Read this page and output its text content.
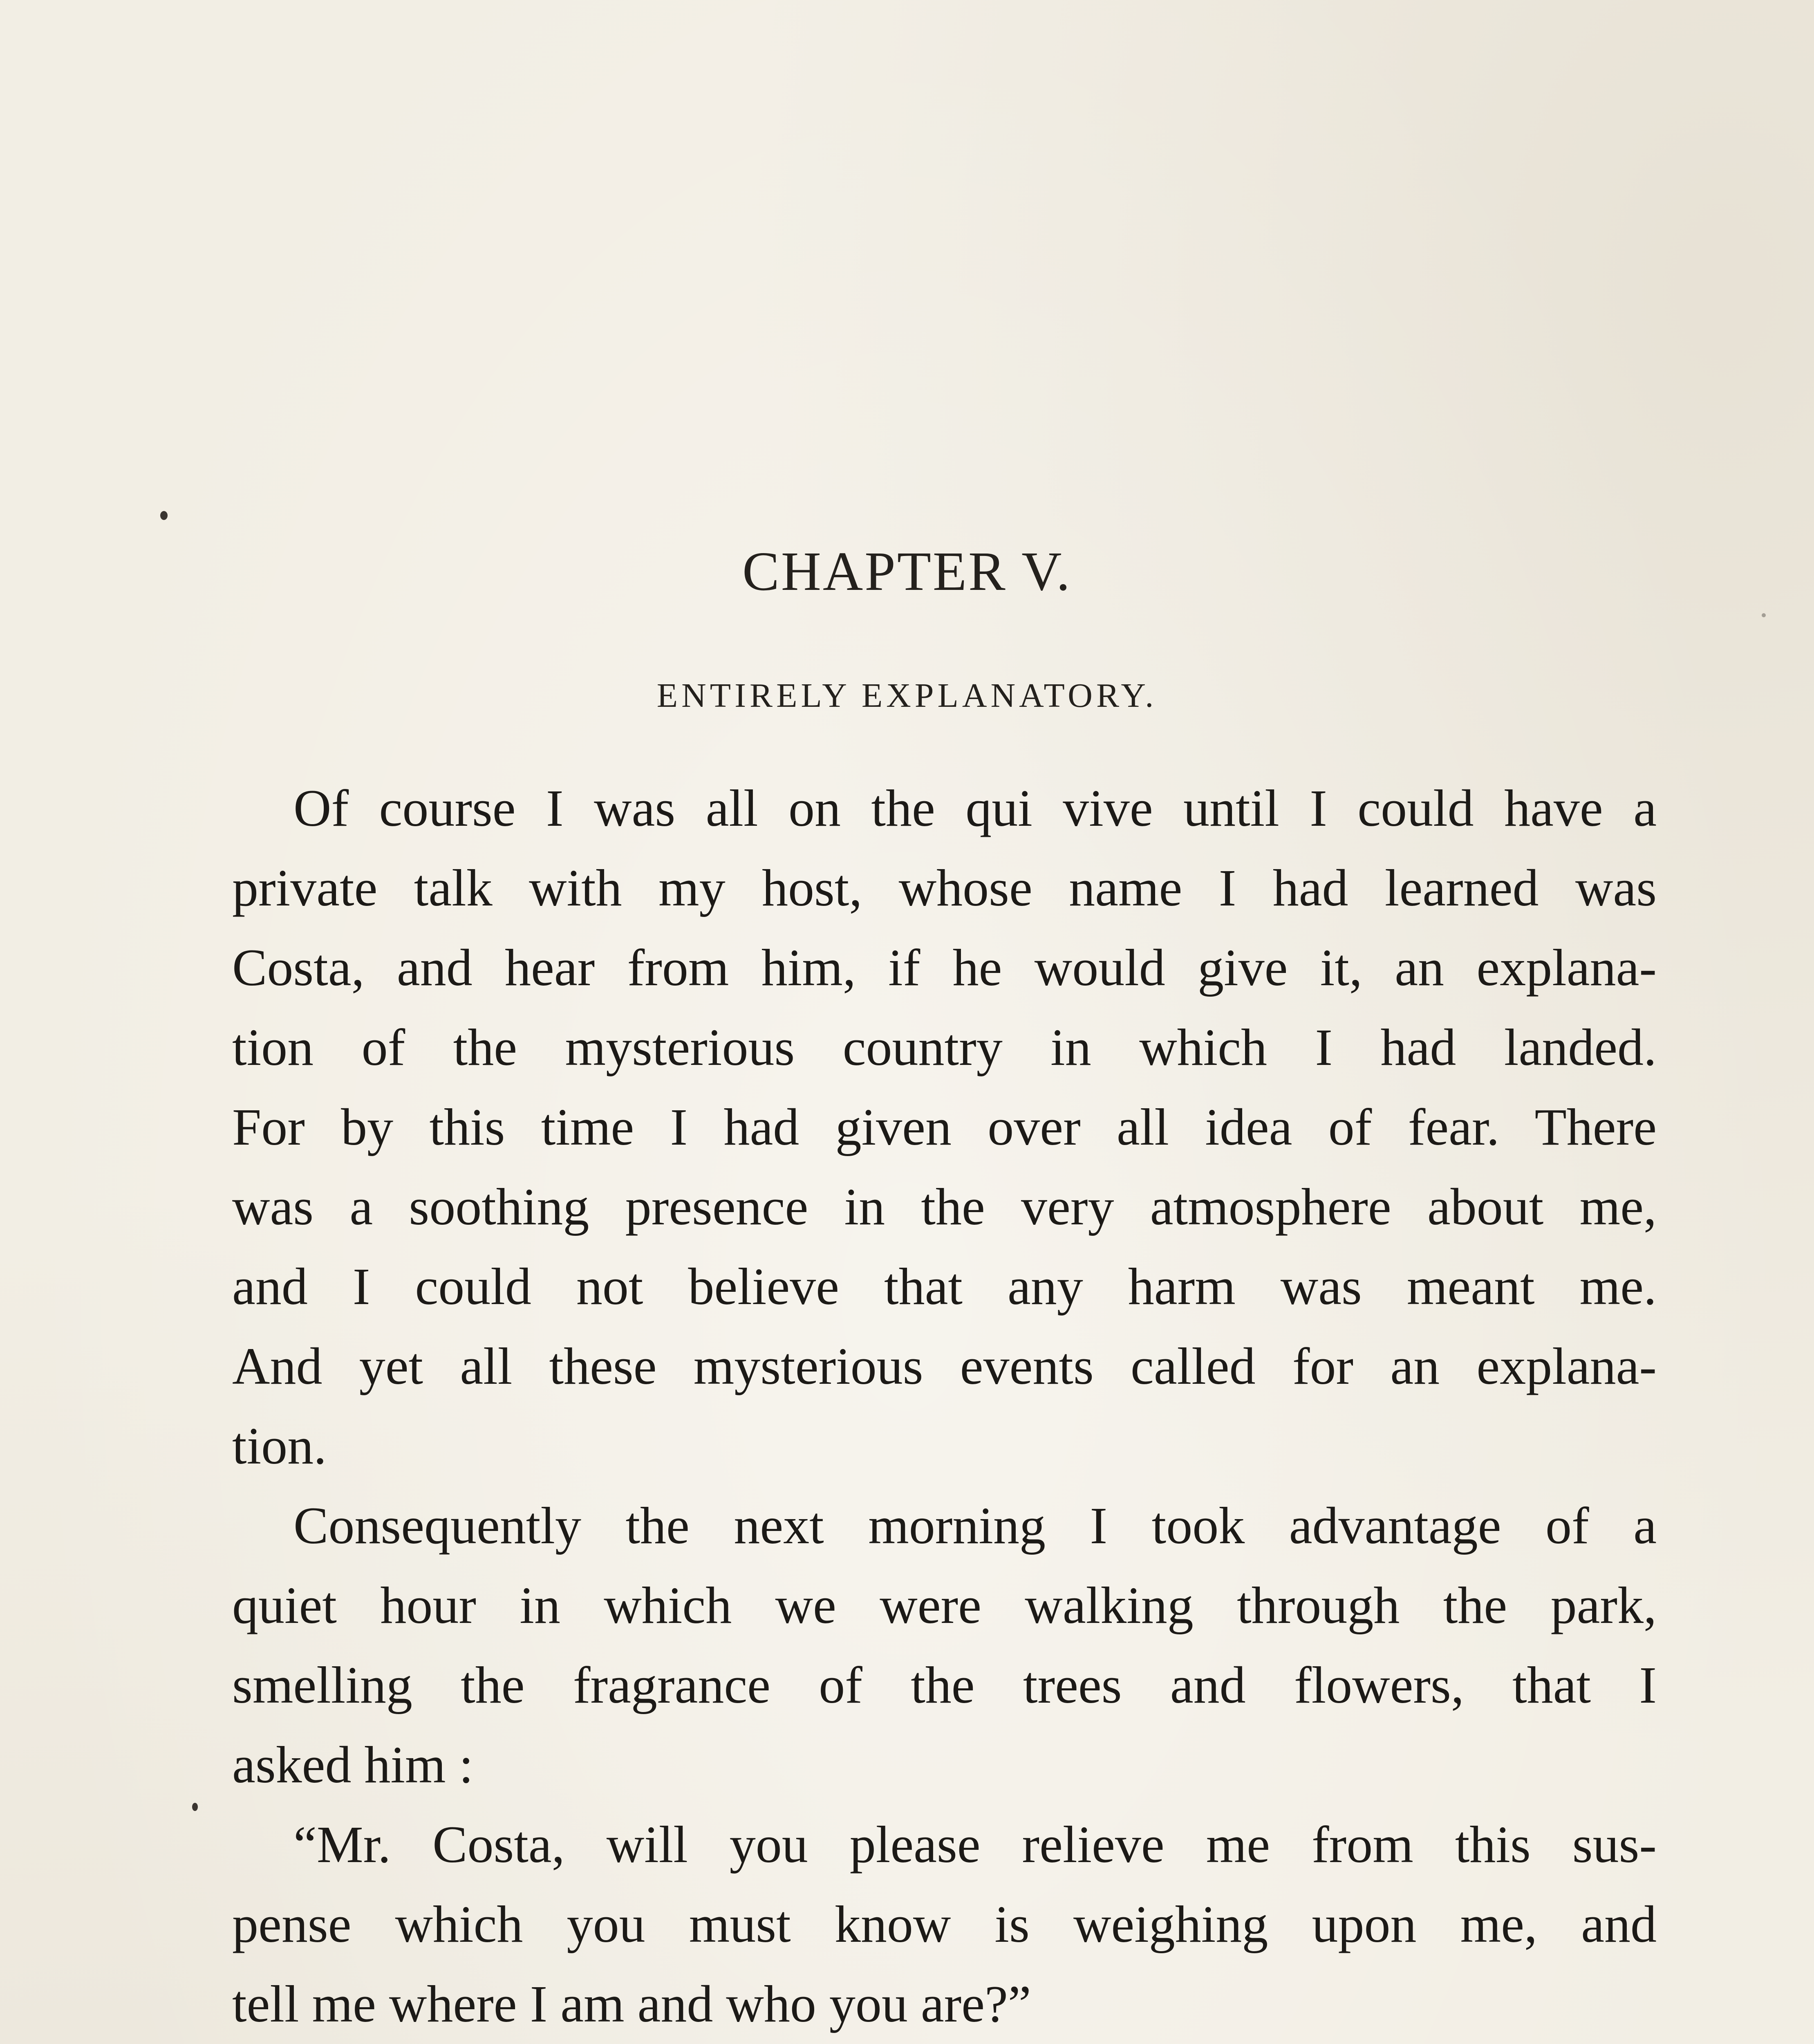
CHAPTER V.
ENTIRELY EXPLANATORY.
Of course I was all on the qui vive until I could have a
private talk with my host, whose name I had learned was
Costa, and hear from him, if he would give it, an explana-
tion of the mysterious country in which I had landed.
For by this time I had given over all idea of fear. There
was a soothing presence in the very atmosphere about me,
and I could not believe that any harm was meant me.
And yet all these mysterious events called for an explana-
tion.
Consequently the next morning I took advantage of a
quiet hour in which we were walking through the park,
smelling the fragrance of the trees and flowers, that I
asked him :
“Mr. Costa, will you please relieve me from this sus-
pense which you must know is weighing upon me, and
tell me where I am and who you are?”
